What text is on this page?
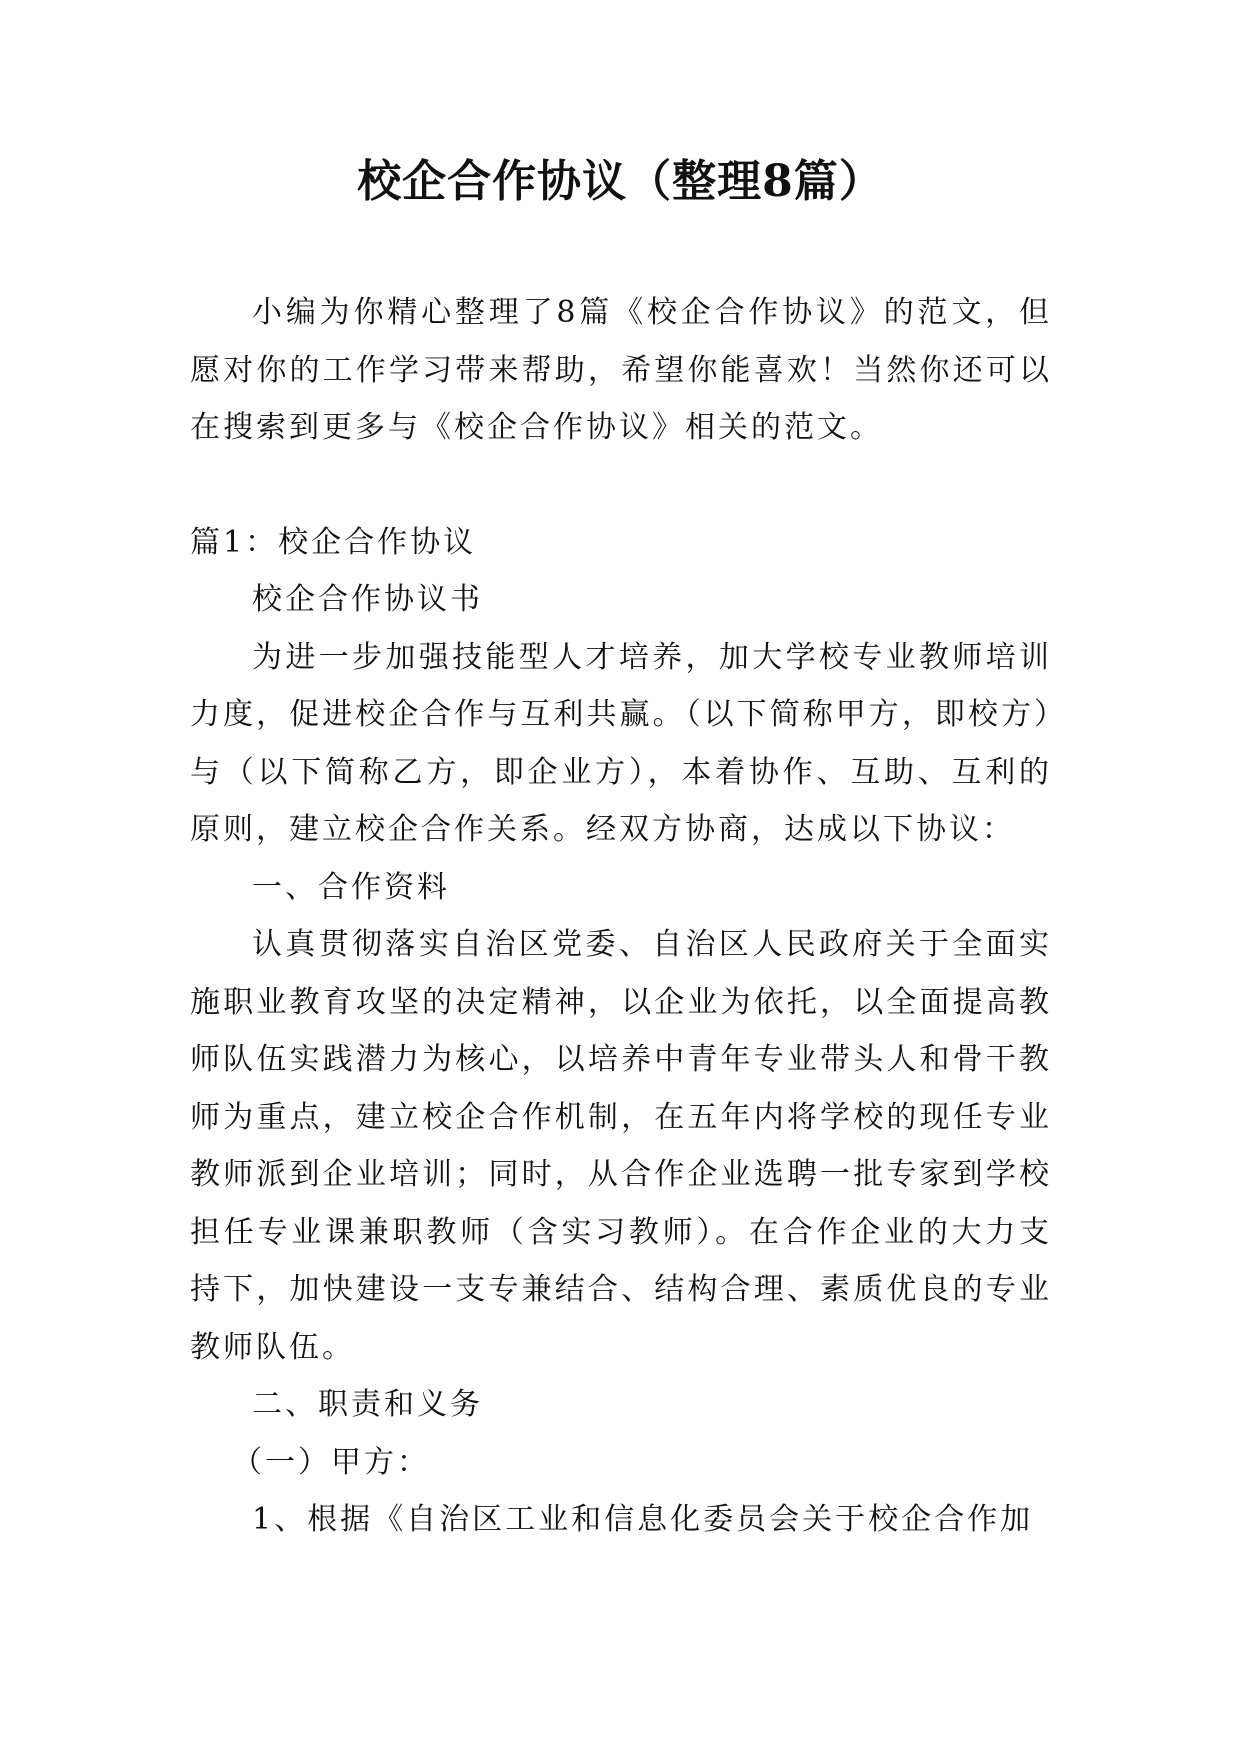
校企合作协议（整理8篇）

小编为你精心整理了8篇《校企合作协议》的范文，但愿对你的工作学习带来帮助，希望你能喜欢！当然你还可以在搜索到更多与《校企合作协议》相关的范文。

篇1：校企合作协议

校企合作协议书

为进一步加强技能型人才培养，加大学校专业教师培训力度，促进校企合作与互利共赢。（以下简称甲方，即校方）与（以下简称乙方，即企业方），本着协作、互助、互利的原则，建立校企合作关系。经双方协商，达成以下协议：

一、合作资料

认真贯彻落实自治区党委、自治区人民政府关于全面实施职业教育攻坚的决定精神，以企业为依托，以全面提高教师队伍实践潜力为核心，以培养中青年专业带头人和骨干教师为重点，建立校企合作机制，在五年内将学校的现任专业教师派到企业培训；同时，从合作企业选聘一批专家到学校担任专业课兼职教师（含实习教师）。在合作企业的大力支持下，加快建设一支专兼结合、结构合理、素质优良的专业教师队伍。

二、职责和义务

（一）甲方：

1、根据《自治区工业和信息化委员会关于校企合作加
